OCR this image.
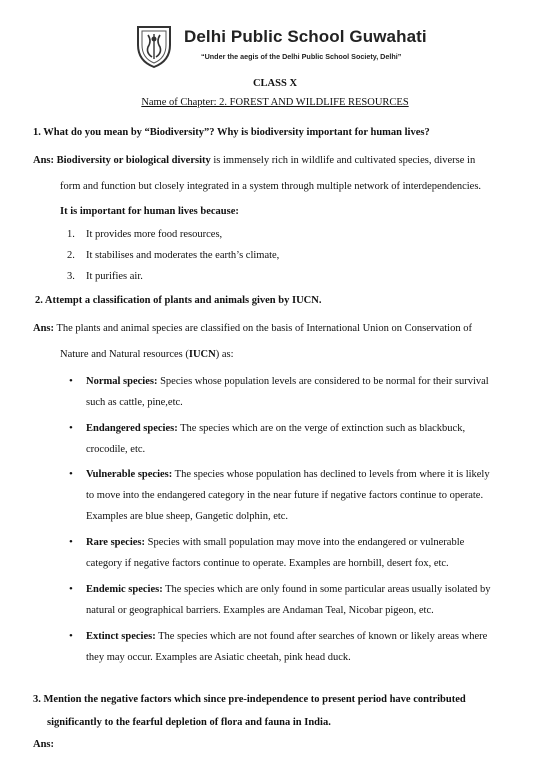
Delhi Public School Guwahati
“Under the aegis of the Delhi Public School Society, Delhi”
CLASS X
Name of Chapter: 2. FOREST AND WILDLIFE RESOURCES
1. What do you mean by “Biodiversity”? Why is biodiversity important for human lives?
Ans: Biodiversity or biological diversity is immensely rich in wildlife and cultivated species, diverse in
form and function but closely integrated in a system through multiple network of interdependencies.
It is important for human lives because:
1. It provides more food resources,
2. It stabilises and moderates the earth’s climate,
3. It purifies air.
2. Attempt a classification of plants and animals given by IUCN.
Ans: The plants and animal species are classified on the basis of International Union on Conservation of
Nature and Natural resources (IUCN) as:
• Normal species: Species whose population levels are considered to be normal for their survival
such as cattle, pine,etc.
• Endangered species: The species which are on the verge of extinction such as blackbuck,
crocodile, etc.
• Vulnerable species: The species whose population has declined to levels from where it is likely
to move into the endangered category in the near future if negative factors continue to operate.
Examples are blue sheep, Gangetic dolphin, etc.
• Rare species: Species with small population may move into the endangered or vulnerable
category if negative factors continue to operate. Examples are hornbill, desert fox, etc.
• Endemic species: The species which are only found in some particular areas usually isolated by
natural or geographical barriers. Examples are Andaman Teal, Nicobar pigeon, etc.
• Extinct species: The species which are not found after searches of known or likely areas where
they may occur. Examples are Asiatic cheetah, pink head duck.
3. Mention the negative factors which since pre-independence to present period have contributed
significantly to the fearful depletion of flora and fauna in India.
Ans:
